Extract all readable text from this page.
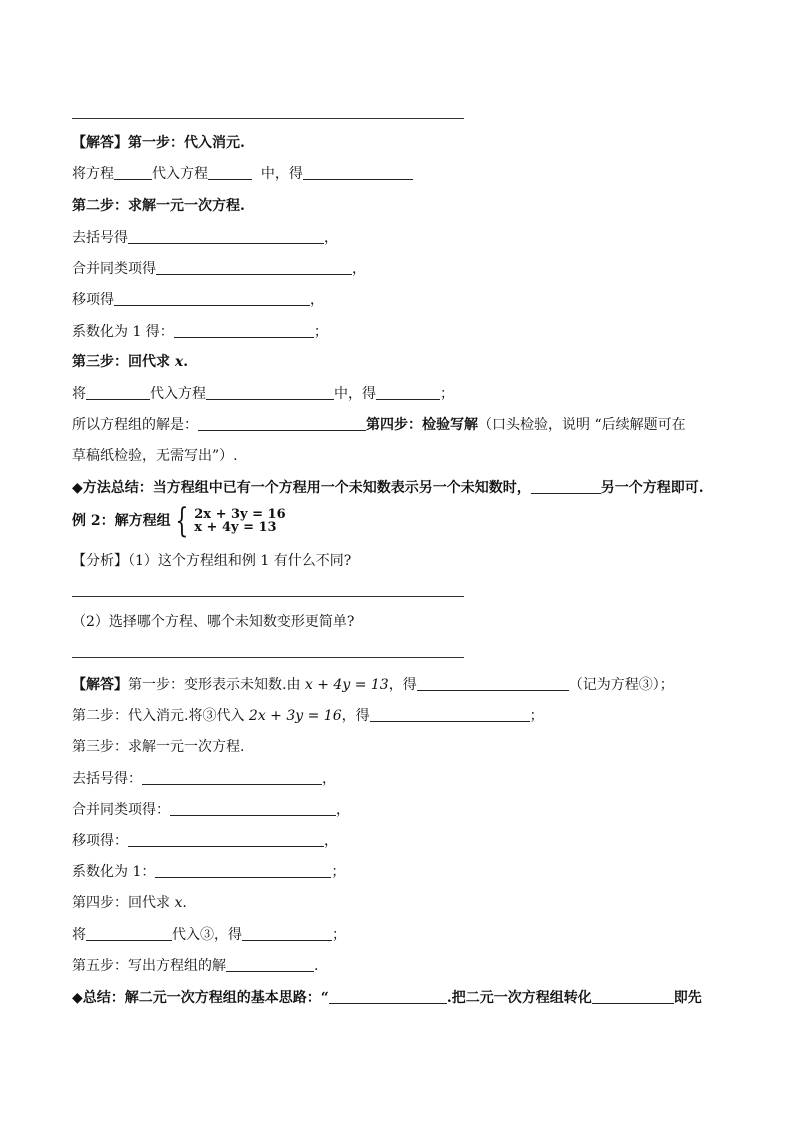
【解答】第一步：代入消元.
将方程	代入方程	中，得
第二步：求解一元一次方程.
去括号得	，
合并同类项得	，
移项得	，
系数化为 1 得：	；
第三步：回代求 x.
将	代入方程	中，得	；
所以方程组的解是：	第四步：检验写解（口头检验，说明 “后续解题可在
草稿纸检验，无需写出”）.
◆方法总结：当方程组中已有一个方程用一个未知数表示另一个未知数时，	另一个方程即可.
例 2：解方程组 { 2x + 3y = 16
x + 4y = 13
【分析】（1）这个方程组和例 1 有什么不同?
（2）选择哪个方程、哪个未知数变形更简单?
【解答】第一步：变形表示未知数.由 x + 4y = 13，得	（记为方程③）；
第二步：代入消元.将③代入 2x + 3y = 16，得	；
第三步：求解一元一次方程.
去括号得：	，
合并同类项得：	，
移项得：	，
系数化为 1：	；
第四步：回代求 x.
将	代入③，得	；
第五步：写出方程组的解	.
◆总结：解二元一次方程组的基本思路：“	.把二元一次方程组转化	即先
